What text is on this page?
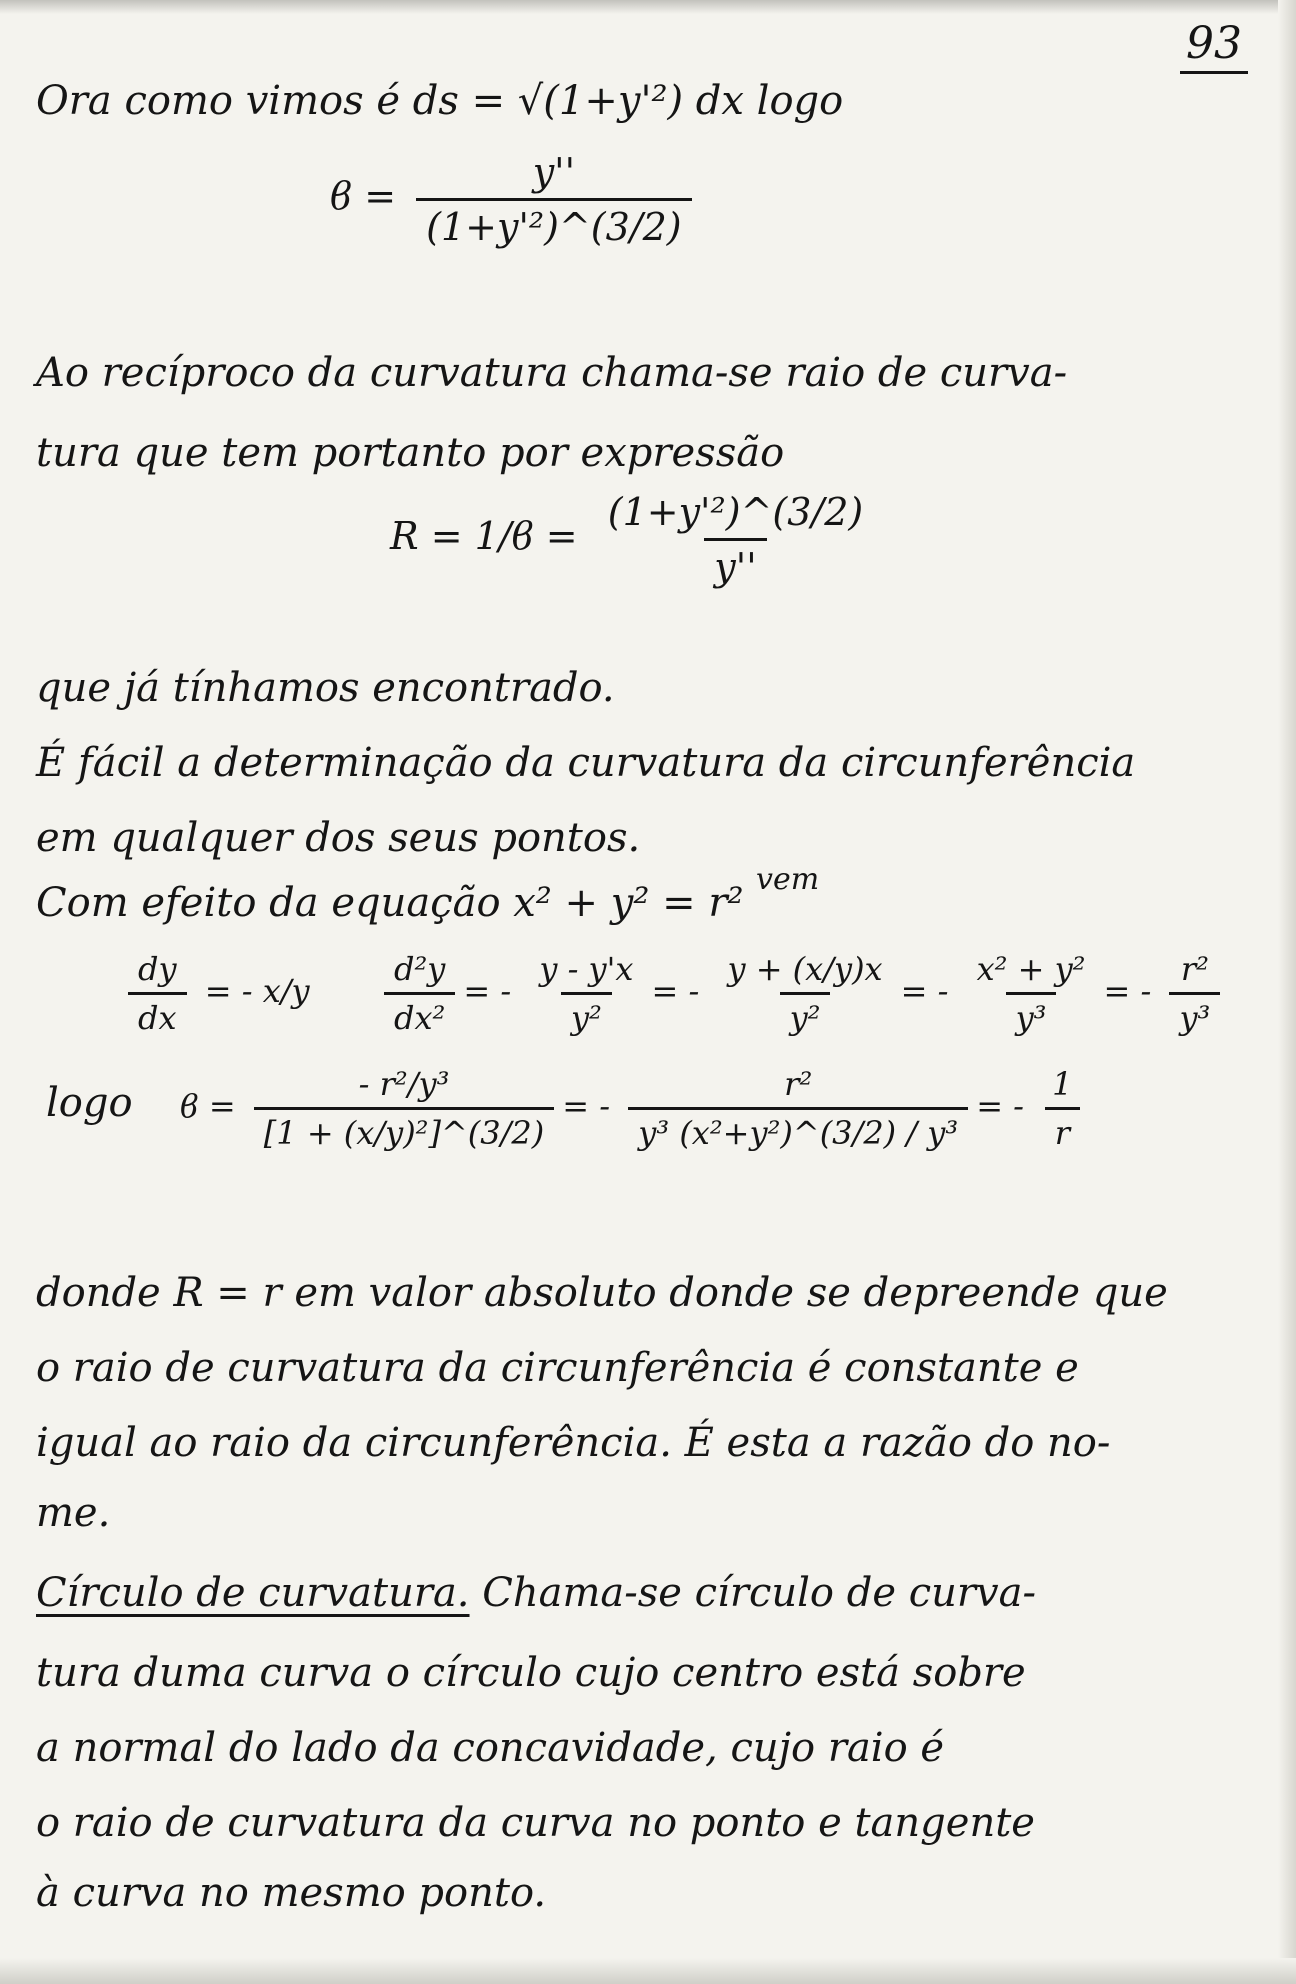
93
Ora como vimos é ds = √(1+y'²) dx logo
$ϐ = \frac{y''}{\text{(1+y'²)\textasciicircum{}(3/2)}}$
Ao recíproco da curvatura chama-se raio de curva-
tura que tem portanto por expressão
$R = 1/ϐ = \frac{\text{(1+y'²)\textasciicircum{}(3/2)}}{y''}$
que já tínhamos encontrado.
É fácil a determinação da curvatura da circunferência
em qualquer dos seus pontos.
Com efeito da equação x² + y² = r²
vem
$\frac{dy}{dx}$ = - $x/y \frac{\text{d²y}}{\text{dx²}}$ = - $\frac{y - y'x}{\text{y²}}$ = - $\frac{y + (x/y)x}{\text{y²}}$ = - $\frac{\text{x² + y²}}{\text{y³}}$ = - $\frac{\text{r²}}{\text{y³}}$
logo $ϐ = \frac{\text{- r²/y³}}{\text{[1 + (x/y)²]\textasciicircum{}(3/2)}}$ = - $\frac{\text{r²}}{\text{y³ (x²+y²)\textasciicircum{}(3/2) / y³}}$ = - $\frac{1}{r}$
donde R = r em valor absoluto donde se depreende que
o raio de curvatura da circunferência é constante e
igual ao raio da circunferência. É esta a razão do no-
me.
Círculo de curvatura. Chama-se círculo de curva-
tura duma curva o círculo cujo centro está sobre
a normal do lado da concavidade, cujo raio é
o raio de curvatura da curva no ponto e tangente
à curva no mesmo ponto.
